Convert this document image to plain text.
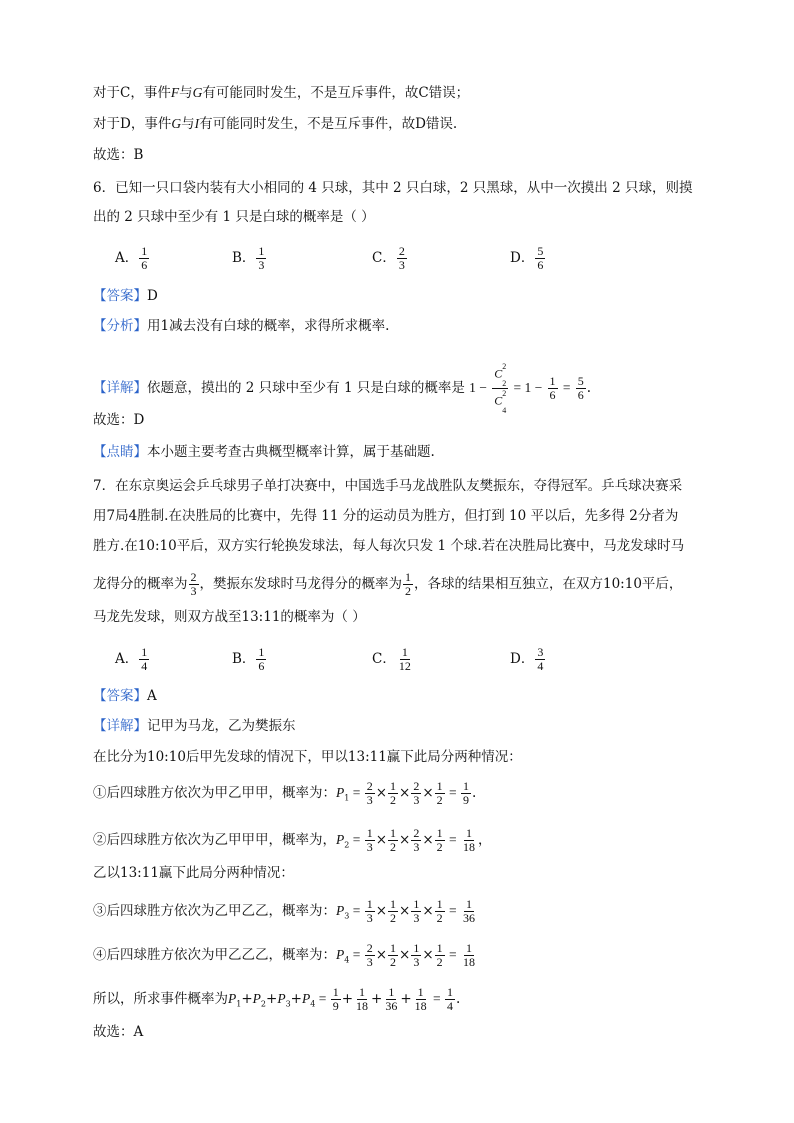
对于C，事件F与G有可能同时发生，不是互斥事件，故C错误；
对于D，事件G与I有可能同时发生，不是互斥事件，故D错误.
故选：B
6．已知一只口袋内装有大小相同的 4 只球，其中 2 只白球，2 只黑球，从中一次摸出 2 只球，则摸
出的 2 只球中至少有 1 只是白球的概率是（ ）
A． $\frac{1}{6}$	B． $\frac{1}{3}$	C． $\frac{2}{3}$	D． $\frac{5}{6}$
【答案】D
【分析】用1减去没有白球的概率，求得所求概率.
【详解】依题意，摸出的 2 只球中至少有 1 只是白球的概率是 1 −
$C^2$
$_2$
$C^2$
$_4$
= $1 - \frac{1}{6} = \frac{5}{6}$ .
故选：D
【点睛】本小题主要考查古典概型概率计算，属于基础题.
7．在东京奥运会乒乓球男子单打决赛中，中国选手马龙战胜队友樊振东，夺得冠军。乒乓球决赛采
用7局4胜制.在决胜局的比赛中，先得 11 分的运动员为胜方，但打到 10 平以后，先多得 2分者为
胜方.在10:10平后，双方实行轮换发球法，每人每次只发 1 个球.若在决胜局比赛中，马龙发球时马
龙得分的概率为 $\frac{2}{3}$ ，樊振东发球时马龙得分的概率为 $\frac{1}{2}$ ，各球的结果相互独立，在双方10:10平后，
马龙先发球，则双方战至13:11的概率为（ ）
A． $\frac{1}{4}$	B． $\frac{1}{6}$	C． $\frac{1}{12}$	D． $\frac{3}{4}$
【答案】A
【详解】记甲为马龙，乙为樊振东
在比分为10:10后甲先发球的情况下，甲以13:11赢下此局分两种情况：
①后四球胜方依次为甲乙甲甲，概率为：$P_1 = \frac{2}{3} \times \frac{1}{2} \times \frac{2}{3} \times \frac{1}{2} = \frac{1}{9}$ .
②后四球胜方依次为乙甲甲甲，概率为，$P_2 = \frac{1}{3} \times \frac{1}{2} \times \frac{2}{3} \times \frac{1}{2} = \frac{1}{18}$ ，
乙以13:11赢下此局分两种情况：
③后四球胜方依次为乙甲乙乙，概率为：$P_3 = \frac{1}{3} \times \frac{1}{2} \times \frac{1}{3} \times \frac{1}{2} = \frac{1}{36}$
④后四球胜方依次为甲乙乙乙，概率为：$P_4 = \frac{2}{3} \times \frac{1}{2} \times \frac{1}{3} \times \frac{1}{2} = \frac{1}{18}$
所以，所求事件概率为$P_1+P_2+P_3+P_4 = \frac{1}{9} + \frac{1}{18} + \frac{1}{36} + \frac{1}{18} = \frac{1}{4}$ .
故选：A
